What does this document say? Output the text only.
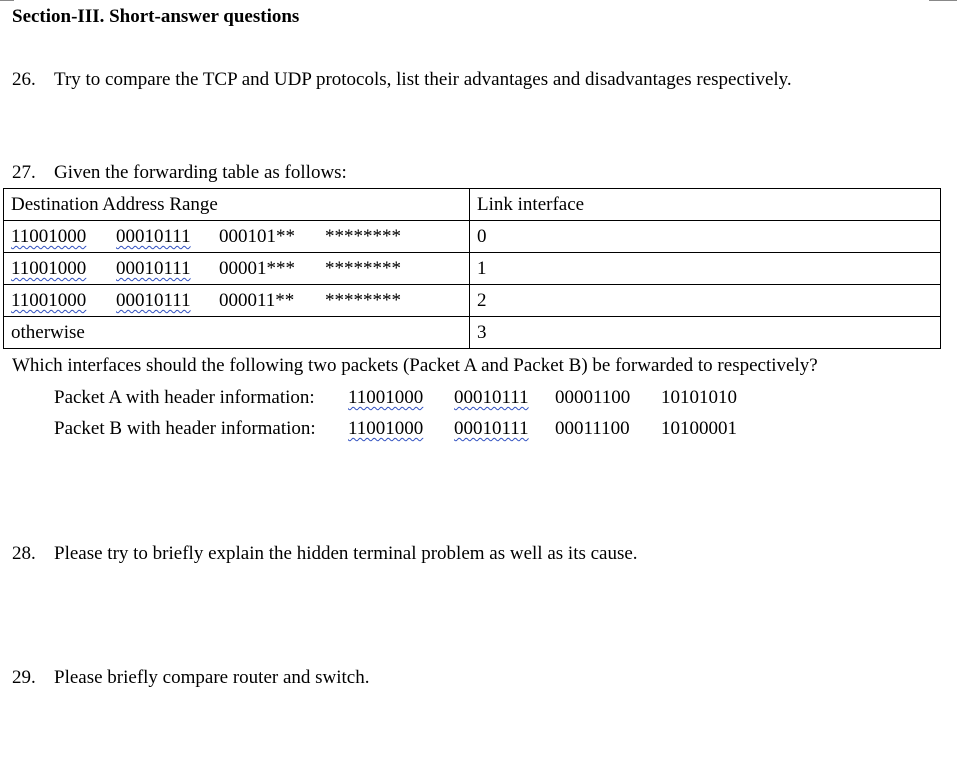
Section-III. Short-answer questions
26. Try to compare the TCP and UDP protocols, list their advantages and disadvantages respectively.
27. Given the forwarding table as follows:
Destination Address Range	Link interface
11001000 00010111 000101** ********	0
11001000 00010111 00001*** ********	1
11001000 00010111 000011** ********	2
otherwise	3
Which interfaces should the following two packets (Packet A and Packet B) be forwarded to respectively?
Packet A with header information: 11001000 00010111 00001100 10101010
Packet B with header information: 11001000 00010111 00011100 10100001
28. Please try to briefly explain the hidden terminal problem as well as its cause.
29. Please briefly compare router and switch.
